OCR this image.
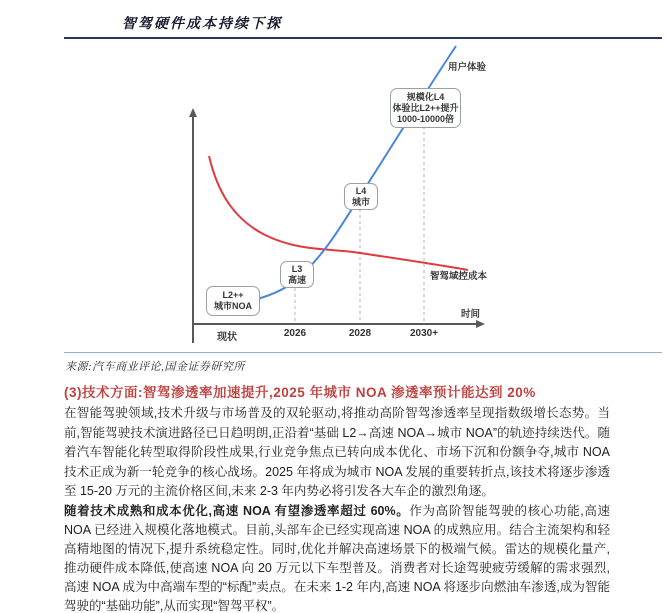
智驾硬件成本持续下探
规模化L4
体验比L2++提升
1000-10000倍
L4
城市
L3
高速
L2++
城市NOA
用户体验
智驾域控成本
时间
现状	2026	2028	2030+
来源:汽车商业评论,国金证券研究所
(3)技术方面:智驾渗透率加速提升,2025 年城市 NOA 渗透率预计能达到 20%
在智能驾驶领域,技术升级与市场普及的双轮驱动,将推动高阶智驾渗透率呈现指数级增长态势。当前,智能驾驶技术演进路径已日趋明朗,正沿着“基础 L2→高速 NOA→城市 NOA”的轨迹持续迭代。随着汽车智能化转型取得阶段性成果,行业竞争焦点已转向成本优化、市场下沉和份额争夺,城市 NOA 技术正成为新一轮竞争的核心战场。2025 年将成为城市 NOA 发展的重要转折点,该技术将逐步渗透至 15-20 万元的主流价格区间,未来 2-3 年内势必将引发各大车企的激烈角逐。
随着技术成熟和成本优化,高速 NOA 有望渗透率超过 60%。作为高阶智能驾驶的核心功能,高速 NOA 已经进入规模化落地模式。目前,头部车企已经实现高速 NOA 的成熟应用。结合主流架构和轻高精地图的情况下,提升系统稳定性。同时,优化并解决高速场景下的极端气候。雷达的规模化量产,推动硬件成本降低,使高速 NOA 向 20 万元以下车型普及。消费者对长途驾驶疲劳缓解的需求强烈,高速 NOA 成为中高端车型的“标配”卖点。在未来 1-2 年内,高速 NOA 将逐步向燃油车渗透,成为智能驾驶的“基础功能”,从而实现“智驾平权”。
